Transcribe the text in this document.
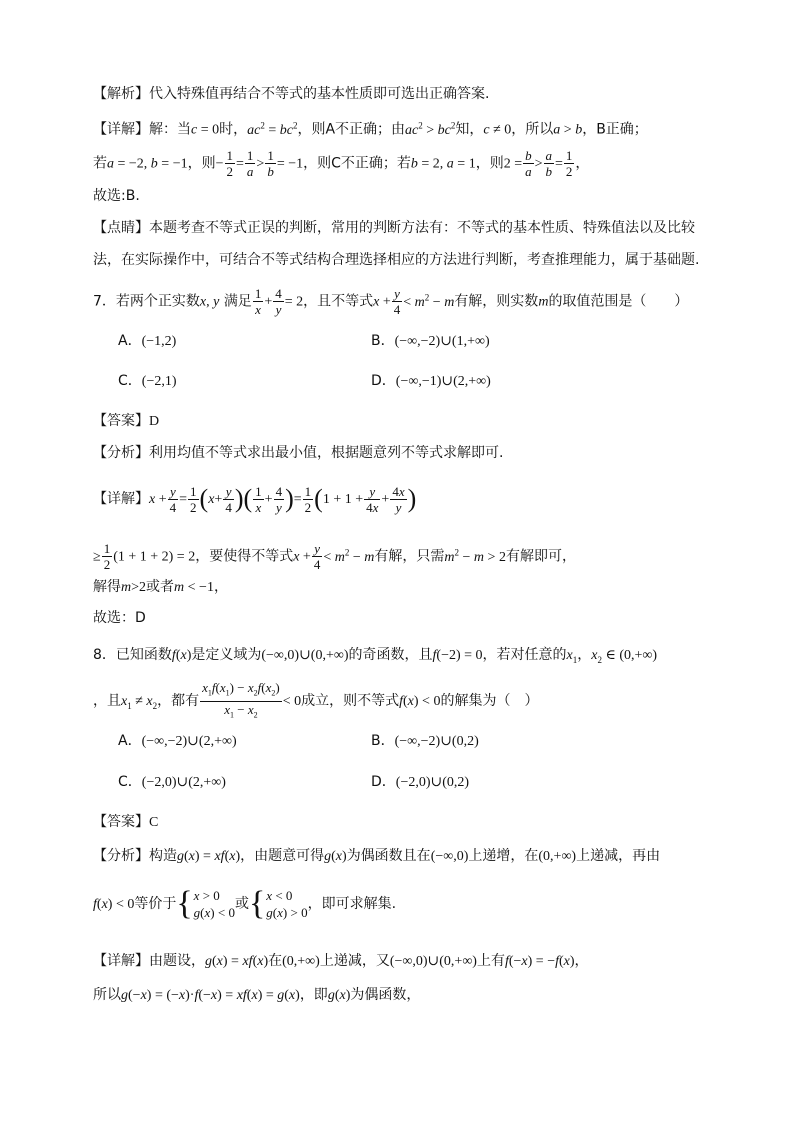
【解析】代入特殊值再结合不等式的基本性质即可选出正确答案.
【详解】解：当c = 0时，$ac^2 = bc^2$，则A不正确；由$ac^2 > bc^2$知，c ≠ 0，所以a > b，B正确；
若a = −2, b = −1，则− $\frac{1}{2} = \frac{1}{a} > \frac{1}{b} = -1$，则C不正确；若b = 2, a = 1，则$2 = \frac{b}{a} > \frac{a}{b} = \frac{1}{2}$ ，
故选:B.
【点睛】本题考查不等式正误的判断，常用的判断方法有：不等式的基本性质、特殊值法以及比较
法，在实际操作中，可结合不等式结构合理选择相应的方法进行判断，考查推理能力，属于基础题.
7．若两个正实数x, y 满足 $\frac{1}{x} + \frac{4}{y} = 2$，且不等式$x + \frac{y}{4} < m^2 - m$有解，则实数m的取值范围是（　　）
A．(−1,2)	B．(−∞,−2)∪(1,+∞)
C．(−2,1)	D．(−∞,−1)∪(2,+∞)
【答案】D
【分析】利用均值不等式求出最小值，根据题意列不等式求解即可.
【详解】$x + \frac{y}{4} = \frac{1}{2} (x+ \frac{y}{4}$ )( $\frac{1}{x} + \frac{4}{y}$ )= $\frac{1}{2} (1 + 1 + \frac{y}{4x} + \frac{4x}{y}$ )
≥ $\frac{1}{2} (1 + 1 + 2) = 2$，要使得不等式$x + \frac{y}{4} < m^2 - m$有解，只需$m^2 - m > 2$有解即可，
解得m>2或者m < −1，
故选：D
8．已知函数f(x)是定义域为(−∞,0)∪(0,+∞)的奇函数，且f(−2) = 0，若对任意的$x_1$，$x_2$ ∈ (0,+∞)
，且$x_1 \ne x_2$，都有 $\frac{x_1f(x_1) - x_2f(x_2)}{x_1 - x_2} < 0$成立，则不等式f(x) < 0的解集为（　）
A．(−∞,−2)∪(2,+∞)	B．(−∞,−2)∪(0,2)
C．(−2,0)∪(2,+∞)	D．(−2,0)∪(0,2)
【答案】C
【分析】构造g(x) = xf(x)，由题意可得g(x)为偶函数且在(−∞,0)上递增，在(0,+∞)上递减，再由
f(x) < 0等价于{ x > 0
g(x) < 0
或{ x < 0
g(x) > 0
，即可求解集.
【详解】由题设，g(x) = xf(x)在(0,+∞)上递减，又(−∞,0)∪(0,+∞)上有f(−x) = −f(x)，
所以g(−x) = (−x)·f(−x) = xf(x) = g(x)，即g(x)为偶函数，
